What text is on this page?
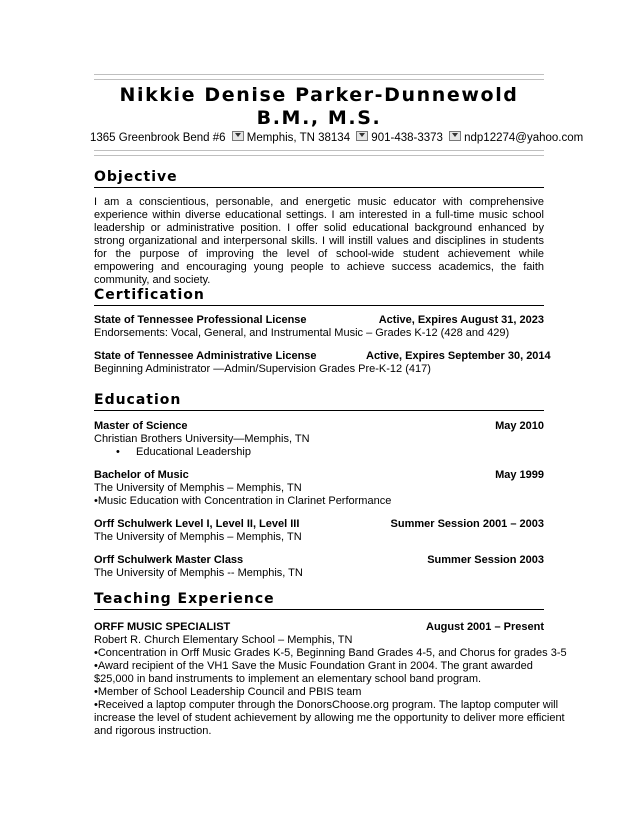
Nikkie Denise Parker-Dunnewold
B.M., M.S.
1365 Greenbrook Bend #6 Memphis, TN 38134 901-438-3373 ndp12274@yahoo.com
Objective
I am a conscientious, personable, and energetic music educator with comprehensive experience within diverse educational settings. I am interested in a full-time music school leadership or administrative position. I offer solid educational background enhanced by strong organizational and interpersonal skills. I will instill values and disciplines in students for the purpose of improving the level of school-wide student achievement while empowering and encouraging young people to achieve success academics, the faith community, and society.
Certification
State of Tennessee Professional License	Active, Expires August 31, 2023
Endorsements: Vocal, General, and Instrumental Music – Grades K-12 (428 and 429)
State of Tennessee Administrative License	Active, Expires September 30, 2014
Beginning Administrator —Admin/Supervision Grades Pre-K-12 (417)
Education
Master of Science	May 2010
Christian Brothers University—Memphis, TN
• Educational Leadership
Bachelor of Music	May 1999
The University of Memphis – Memphis, TN
•Music Education with Concentration in Clarinet Performance
Orff Schulwerk Level I, Level II, Level III	Summer Session 2001 – 2003
The University of Memphis – Memphis, TN
Orff Schulwerk Master Class	Summer Session 2003
The University of Memphis -- Memphis, TN
Teaching Experience
ORFF MUSIC SPECIALIST	August 2001 – Present
Robert R. Church Elementary School – Memphis, TN
•Concentration in Orff Music Grades K-5, Beginning Band Grades 4-5, and Chorus for grades 3-5
•Award recipient of the VH1 Save the Music Foundation Grant in 2004. The grant awarded
$25,000 in band instruments to implement an elementary school band program.
•Member of School Leadership Council and PBIS team
•Received a laptop computer through the DonorsChoose.org program. The laptop computer will
increase the level of student achievement by allowing me the opportunity to deliver more efficient
and rigorous instruction.
